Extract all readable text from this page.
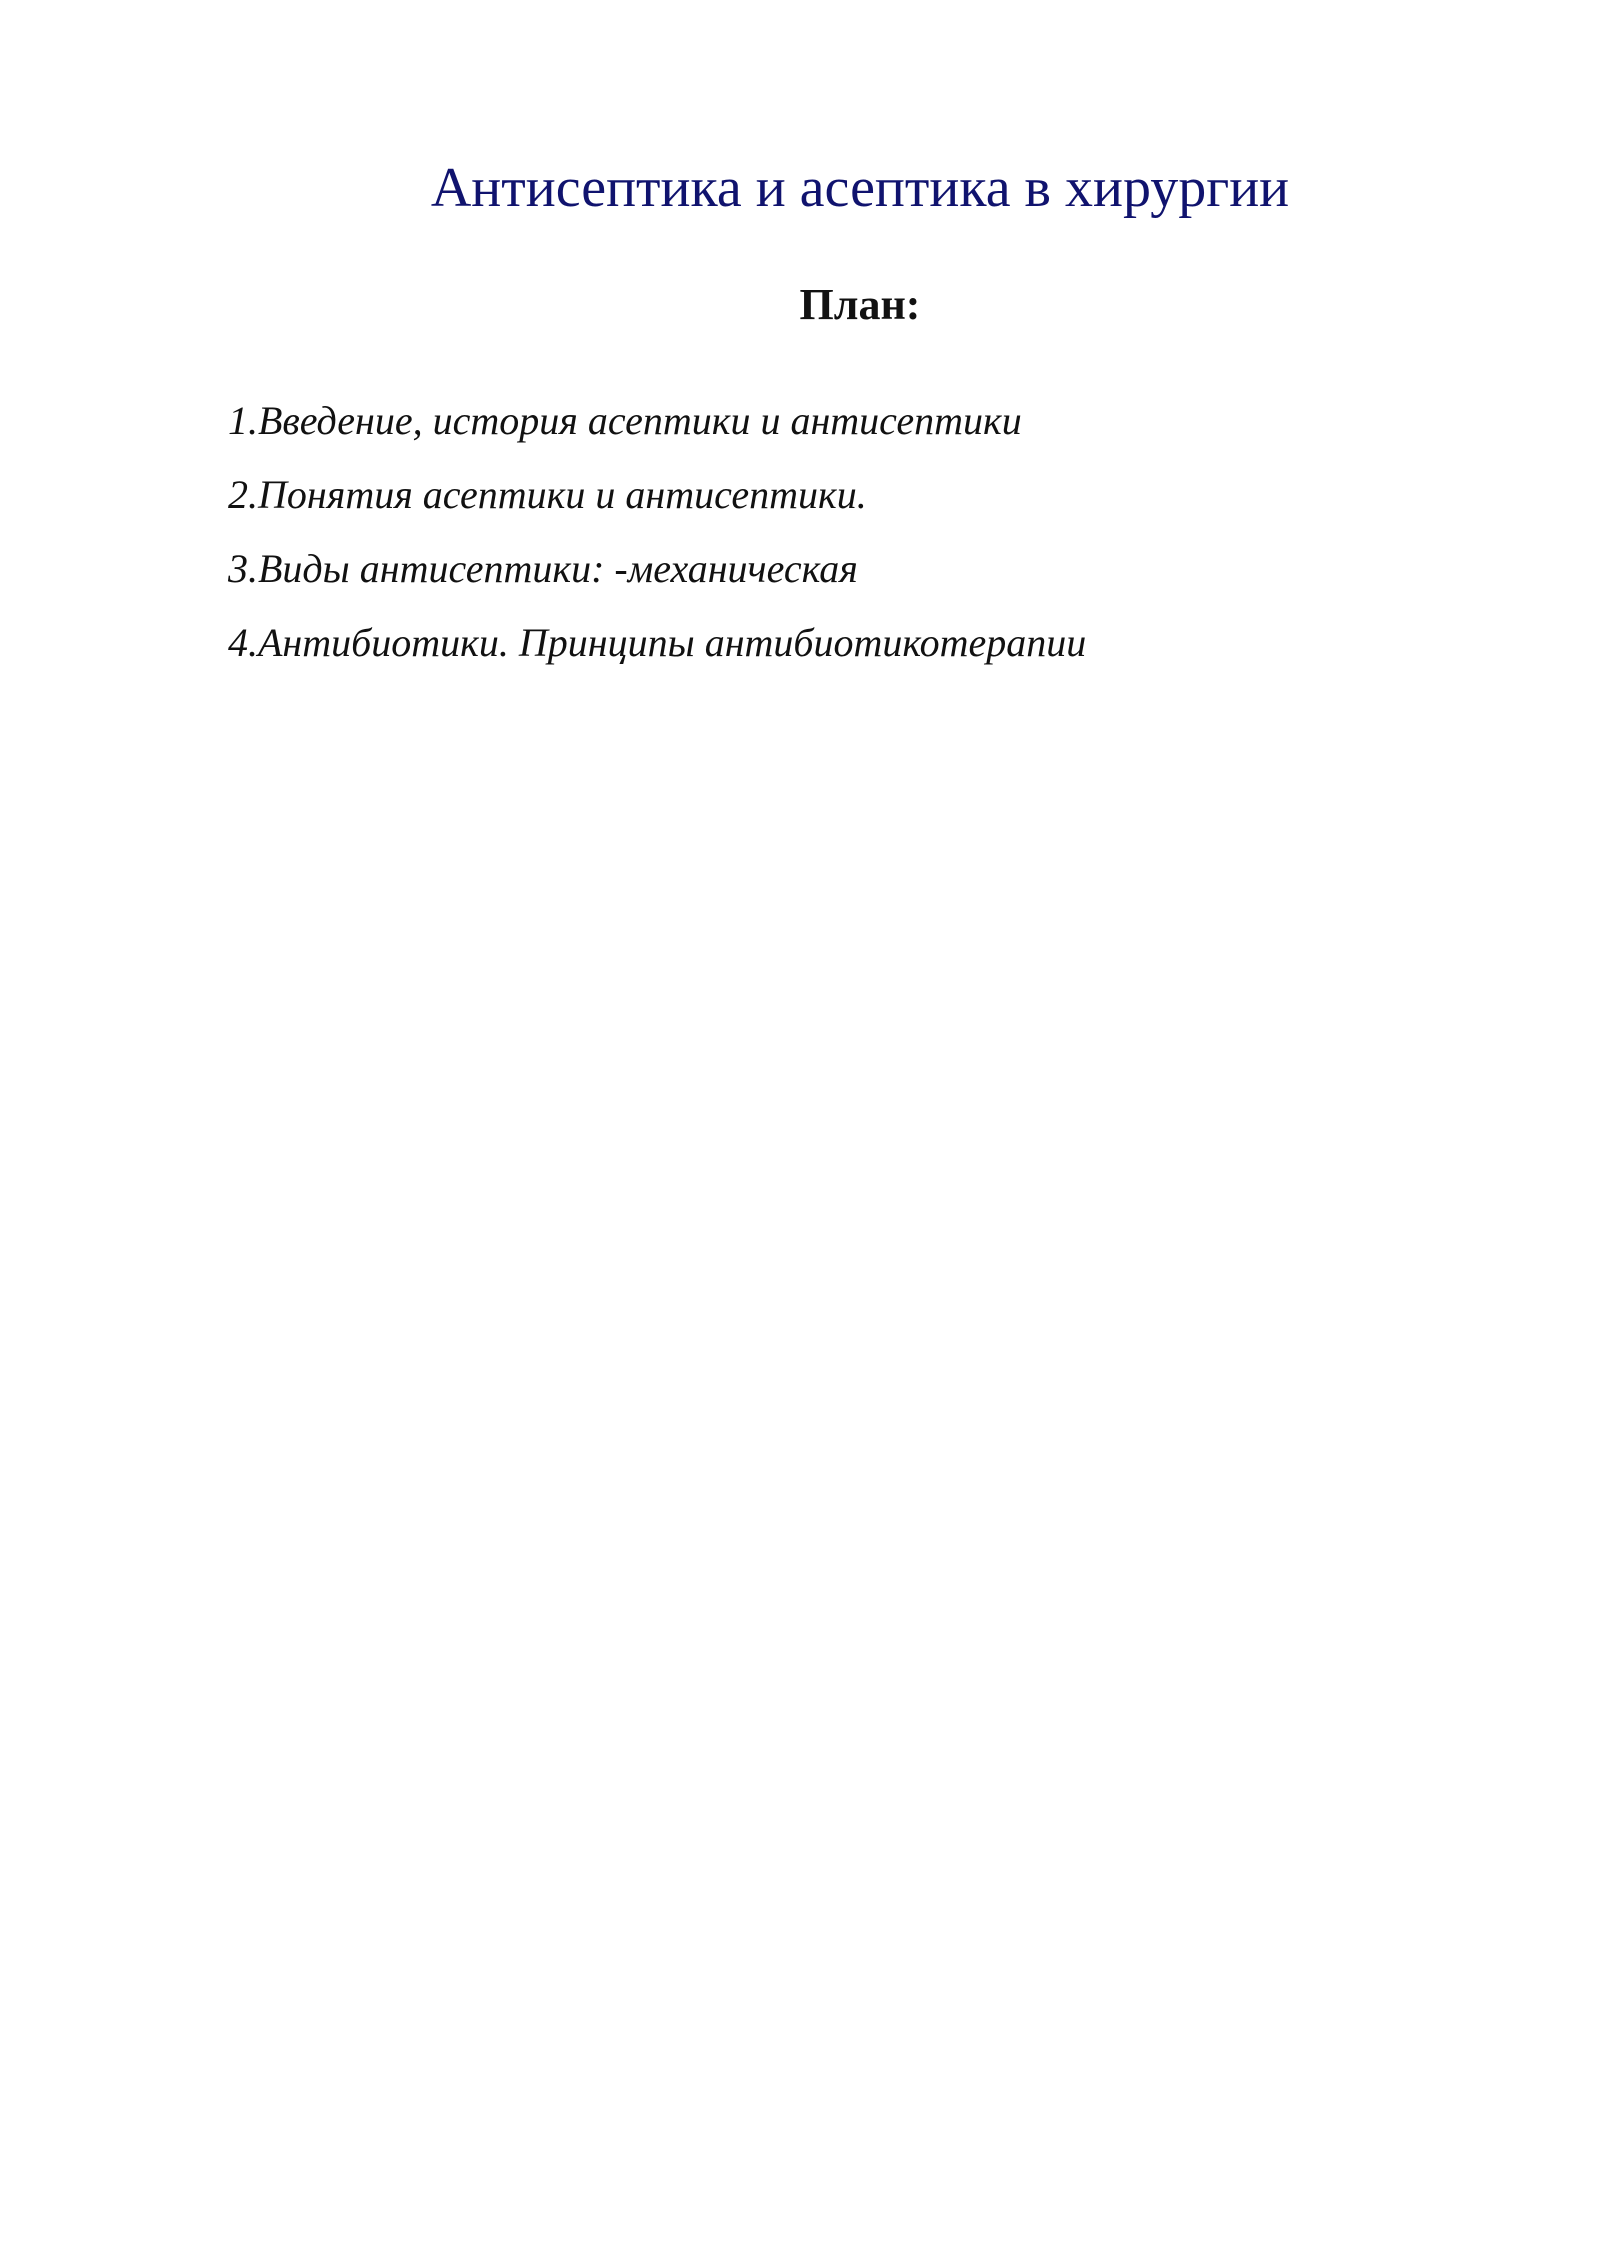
Антисептика и асептика в хирургии
План:
1.Введение, история асептики и антисептики
2.Понятия асептики и антисептики.
3.Виды антисептики: -механическая
4.Антибиотики. Принципы антибиотикотерапии
